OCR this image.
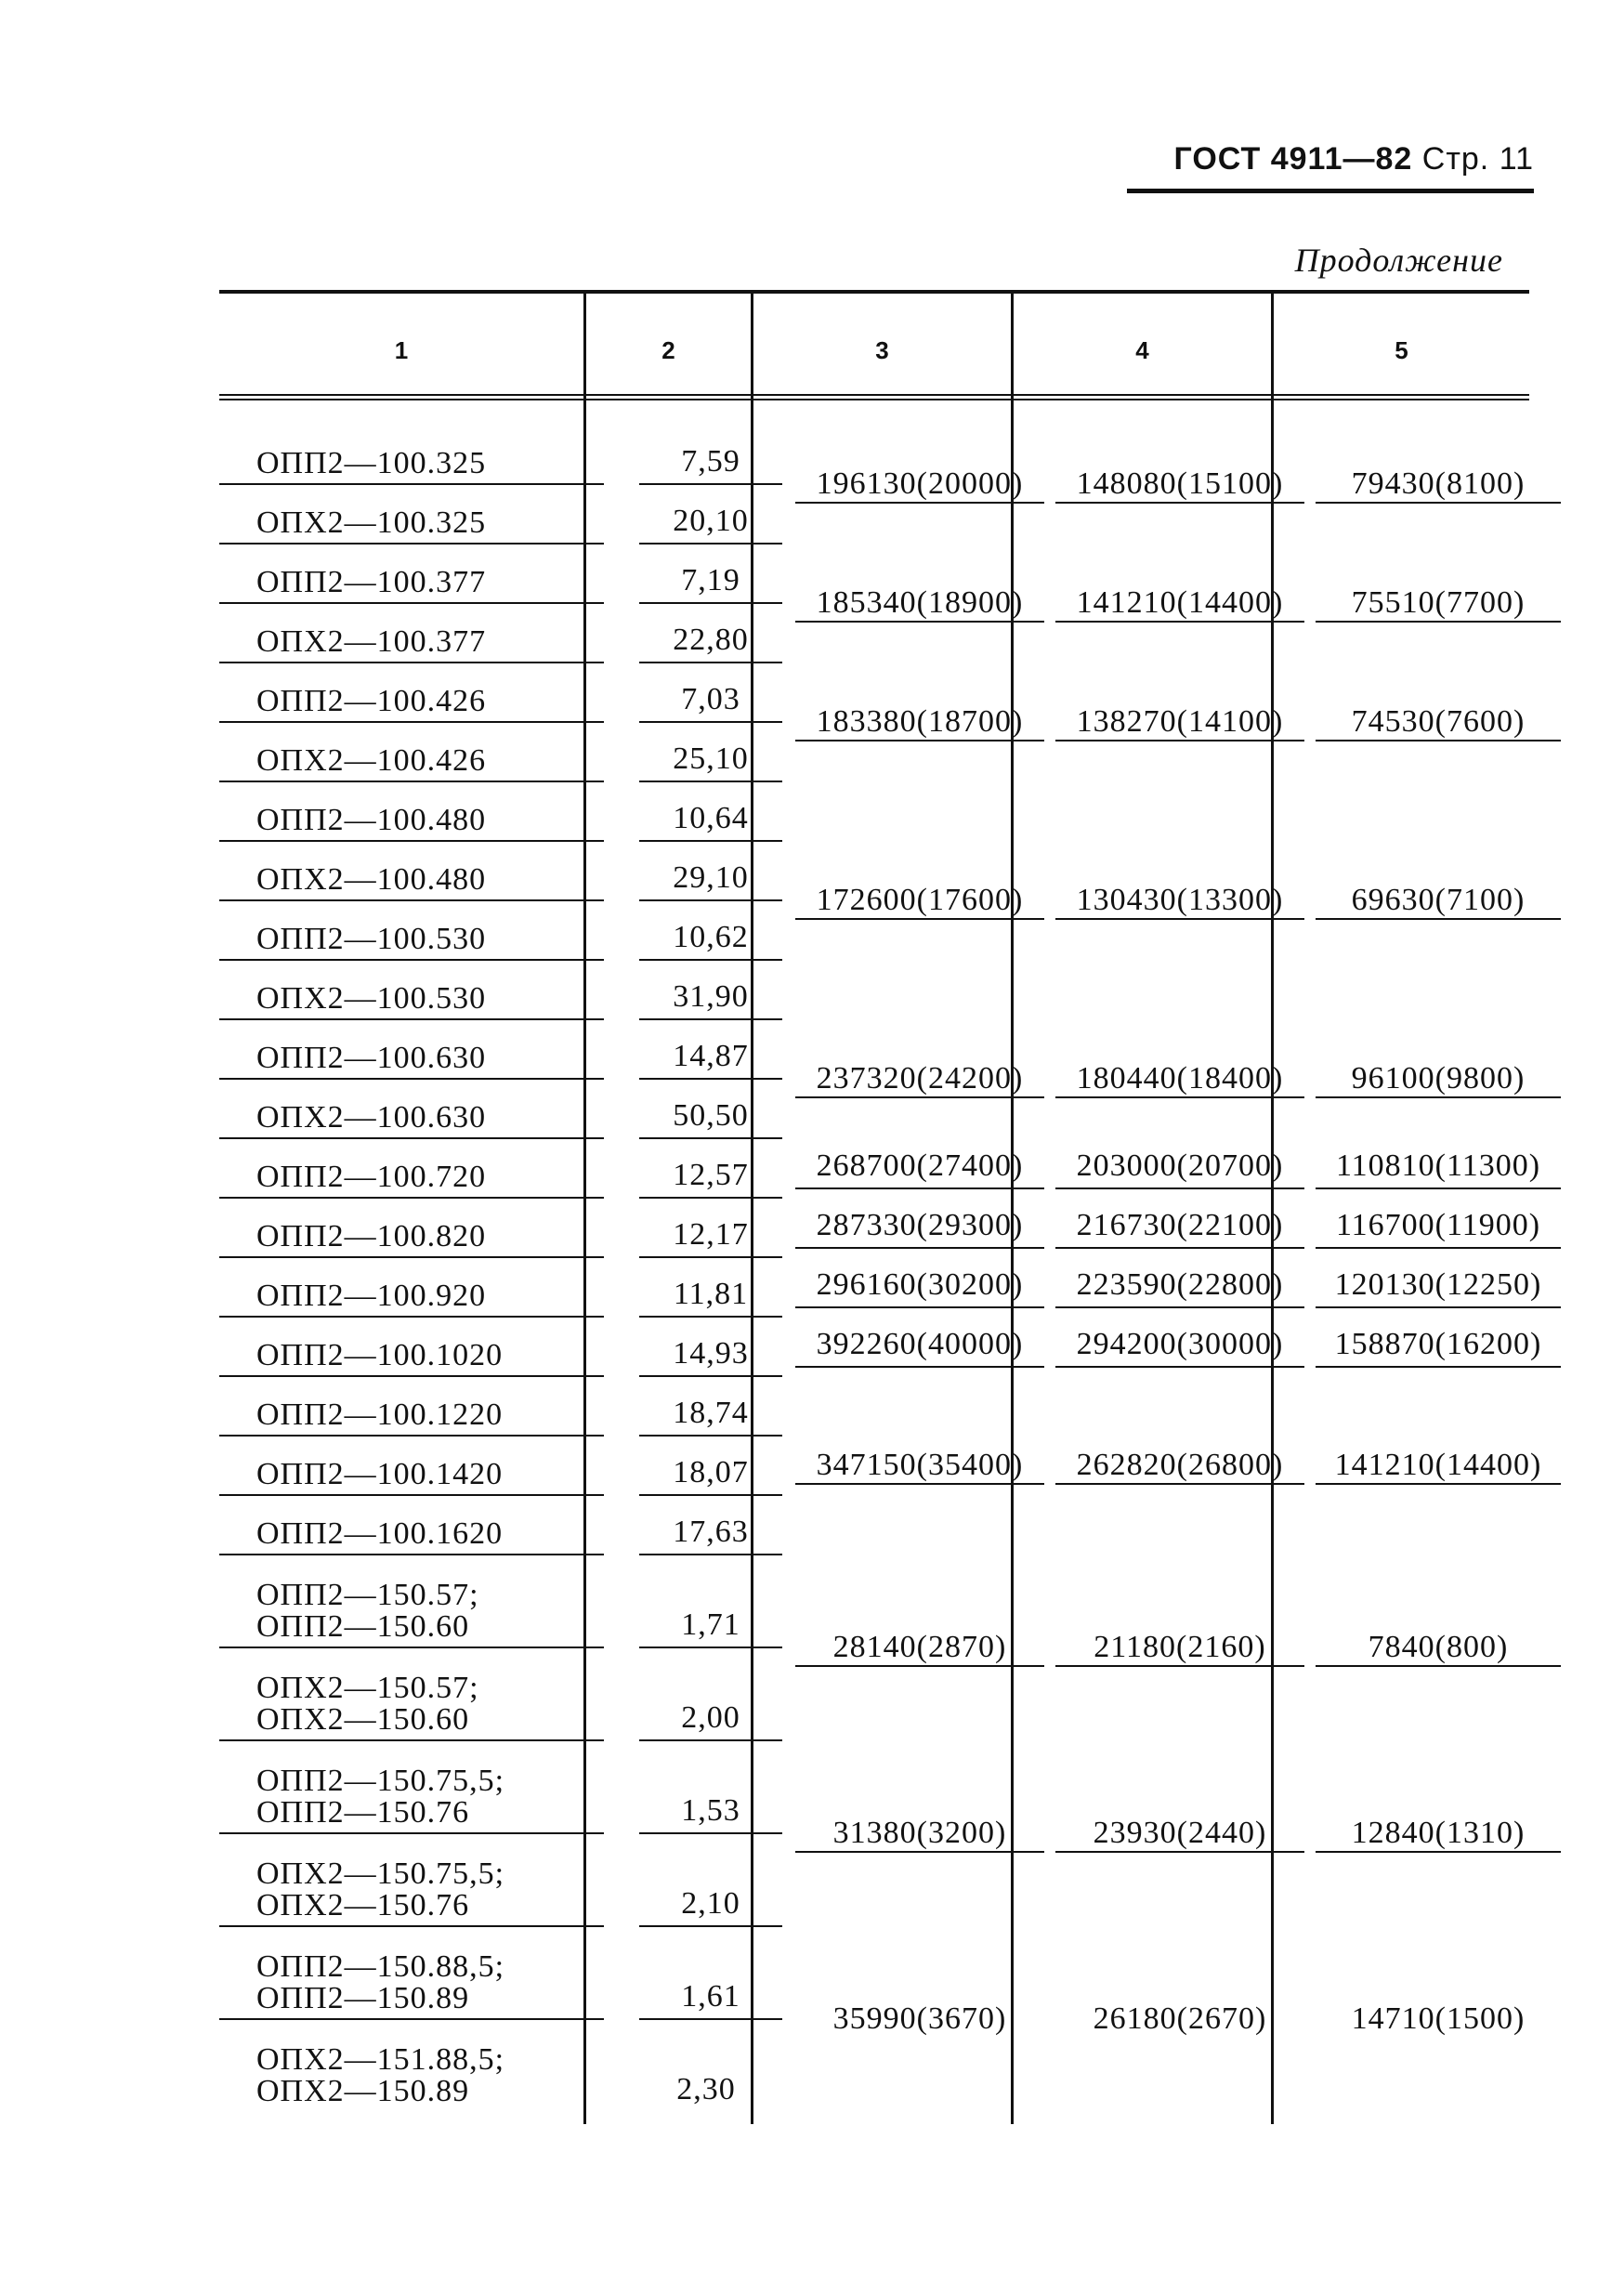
ГОСТ 4911—82 Стр. 11
Продолжение
1	2	3	4	5
ОПП2—100.325	7,59	196130(20000)	148080(15100)	79430(8100)

ОПХ2—100.325	20,10			

ОПП2—100.377	7,19	185340(18900)	141210(14400)	75510(7700)

ОПХ2—100.377	22,80			

ОПП2—100.426	7,03	183380(18700)	138270(14100)	74530(7600)

ОПХ2—100.426	25,10			

ОПП2—100.480	10,64	172600(17600)	130430(13300)	69630(7100)

ОПХ2—100.480	29,10			

ОПП2—100.530	10,62			

ОПХ2—100.530	31,90			

ОПП2—100.630	14,87	237320(24200)	180440(18400)	96100(9800)

ОПХ2—100.630	50,50			

ОПП2—100.720	12,57	268700(27400)	203000(20700)	110810(11300)

ОПП2—100.820	12,17	287330(29300)	216730(22100)	116700(11900)

ОПП2—100.920	11,81	296160(30200)	223590(22800)	120130(12250)

ОПП2—100.1020	14,93	392260(40000)	294200(30000)	158870(16200)

ОПП2—100.1220	18,74	347150(35400)	262820(26800)	141210(14400)

ОПП2—100.1420	18,07			

ОПП2—100.1620	17,63			

ОПП2—150.57;
ОПП2—150.60	1,71	28140(2870)	21180(2160)	7840(800)

ОПХ2—150.57;
ОПХ2—150.60	2,00			

ОПП2—150.75,5;
ОПП2—150.76	1,53	31380(3200)	23930(2440)	12840(1310)

ОПХ2—150.75,5;
ОПХ2—150.76	2,10			

ОПП2—150.88,5;
ОПП2—150.89	1,61	35990(3670)	26180(2670)	14710(1500)

ОПХ2—151.88,5;
ОПХ2—150.89	2,30			
